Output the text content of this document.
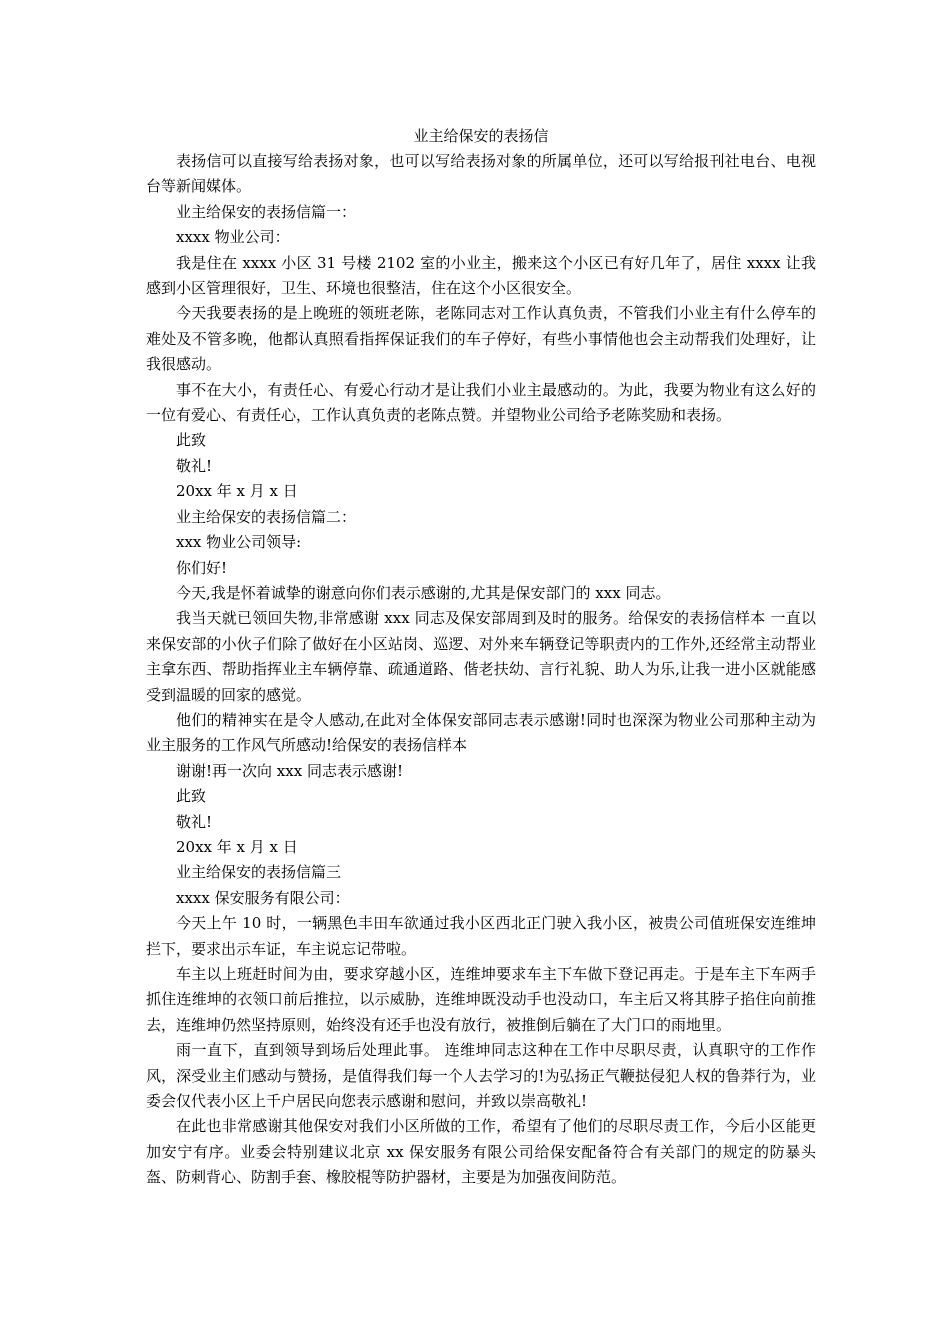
业主给保安的表扬信

表扬信可以直接写给表扬对象，也可以写给表扬对象的所属单位，还可以写给报刊社电台、电视台等新闻媒体。

业主给保安的表扬信篇一：

xxxx 物业公司：

我是住在 xxxx 小区 31 号楼 2102 室的小业主，搬来这个小区已有好几年了，居住 xxxx 让我感到小区管理很好，卫生、环境也很整洁，住在这个小区很安全。

今天我要表扬的是上晚班的领班老陈，老陈同志对工作认真负责，不管我们小业主有什么停车的难处及不管多晚，他都认真照看指挥保证我们的车子停好，有些小事情他也会主动帮我们处理好，让我很感动。

事不在大小，有责任心、有爱心行动才是让我们小业主最感动的。为此，我要为物业有这么好的一位有爱心、有责任心，工作认真负责的老陈点赞。并望物业公司给予老陈奖励和表扬。

此致

敬礼!

20xx 年 x 月 x 日

业主给保安的表扬信篇二：

xxx 物业公司领导:

你们好!

今天,我是怀着诚挚的谢意向你们表示感谢的,尤其是保安部门的 xxx 同志。

我当天就已领回失物,非常感谢 xxx 同志及保安部周到及时的服务。给保安的表扬信样本 一直以来保安部的小伙子们除了做好在小区站岗、巡逻、对外来车辆登记等职责内的工作外,还经常主动帮业主拿东西、帮助指挥业主车辆停靠、疏通道路、偕老扶幼、言行礼貌、助人为乐,让我一进小区就能感受到温暖的回家的感觉。

他们的精神实在是令人感动,在此对全体保安部同志表示感谢!同时也深深为物业公司那种主动为业主服务的工作风气所感动!给保安的表扬信样本

谢谢!再一次向 xxx 同志表示感谢!

此致

敬礼!

20xx 年 x 月 x 日

业主给保安的表扬信篇三

xxxx 保安服务有限公司：

今天上午 10 时，一辆黑色丰田车欲通过我小区西北正门驶入我小区，被贵公司值班保安连维坤拦下，要求出示车证，车主说忘记带啦。

车主以上班赶时间为由，要求穿越小区，连维坤要求车主下车做下登记再走。于是车主下车两手抓住连维坤的衣领口前后推拉，以示威胁，连维坤既没动手也没动口，车主后又将其脖子掐住向前推去，连维坤仍然坚持原则，始终没有还手也没有放行，被推倒后躺在了大门口的雨地里。

雨一直下，直到领导到场后处理此事。 连维坤同志这种在工作中尽职尽责，认真职守的工作作风，深受业主们感动与赞扬，是值得我们每一个人去学习的!为弘扬正气鞭挞侵犯人权的鲁莽行为，业委会仅代表小区上千户居民向您表示感谢和慰问，并致以崇高敬礼!

在此也非常感谢其他保安对我们小区所做的工作，希望有了他们的尽职尽责工作，今后小区能更加安宁有序。业委会特别建议北京 xx 保安服务有限公司给保安配备符合有关部门的规定的防暴头盔、防刺背心、防割手套、橡胶棍等防护器材，主要是为加强夜间防范。
